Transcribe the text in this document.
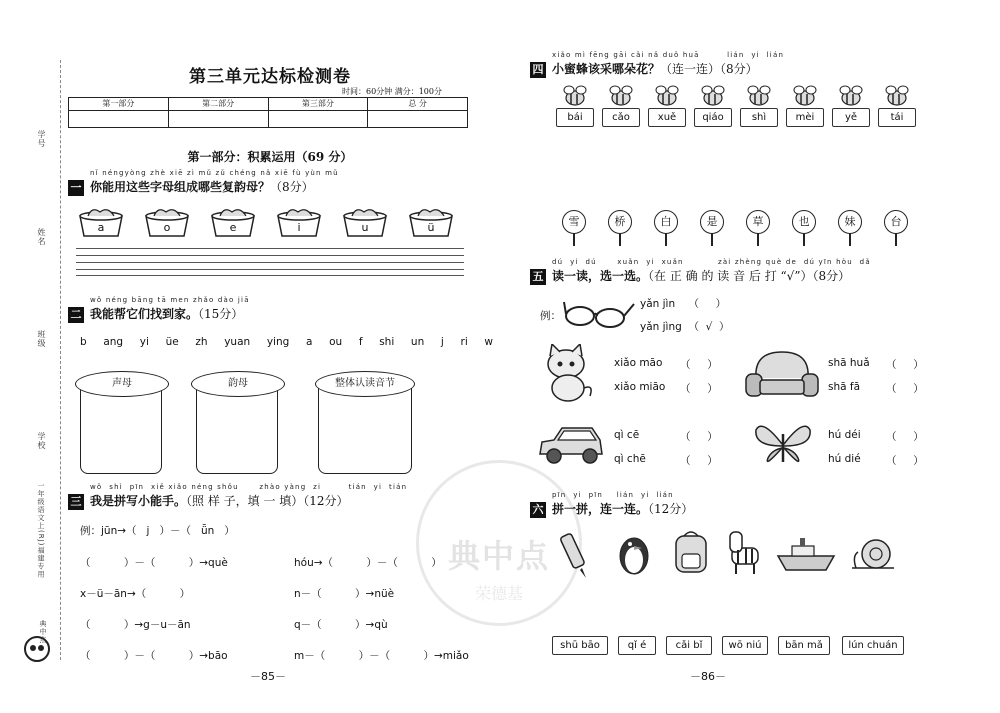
学号
姓名
班级
学校
一年级语文上(RJ)福建专用
典中点
第三单元达标检测卷
时间：60分钟 满分：100分
第一部分	第二部分	第三部分	总 分
第一部分：积累运用（69 分）
nǐ néngyòng zhè xiē zì mǔ zǔ chéng nǎ xiē fù yùn mǔ
一 你能用这些字母组成哪些复韵母？（8分）
a	o	e	i	u	ü
wǒ néng bāng tā men zhǎo dào jiā
二 我能帮它们找到家。（15分）
b  ang  yi  üe  zh  yuan  ying  a  ou  f  shi  un  j  ri  w
声母	韵母	整体认读音节
wǒ  shì  pīn  xiě xiǎo néng shǒu      zhào yàng  zi        tián  yi  tián
三 我是拼写小能手。（照 样 子，填 一 填）（12分）
例：jūn→（   j   ）－（   ǖn   ）
（          ）－（          ）→què
x－ü－ān→（          ）
（          ）→g－u－ān
（          ）－（          ）→bāo
hóu→（          ）－（          ）
n－（          ）→nüè
q－（          ）→qù
m－（          ）－（          ）→miǎo
－85－
典中点
荣德基
xiǎo mì fēng gāi cǎi nǎ duǒ huā        lián  yi  lián
四 小蜜蜂该采哪朵花？（连一连）（8分）
bái	cǎo	xuě	qiáo	shì	mèi	yě	tái
雪	桥	白	是	草	也	妹	台
dú  yi  dú      xuǎn  yi  xuǎn          zài zhèng què de  dú yīn hòu  dǎ
五 读一读，选一选。（在 正 确 的 读 音 后 打 “√”）（8分）
例：
yǎn jìn    （     ）
yǎn jìng  （  √  ）
xiǎo māo （     ）
xiǎo miāo （     ）
shā huǎ （     ）
shā fā （     ）
qì cē	（     ）
qì chē	（     ）
hú déi （     ）
hú dié （     ）
pīn  yi  pīn    lián  yi  lián
六 拼一拼，连一连。（12分）
shū bāo	qǐ é	cǎi bǐ	wō niú	bān mǎ	lún chuán
－86－
